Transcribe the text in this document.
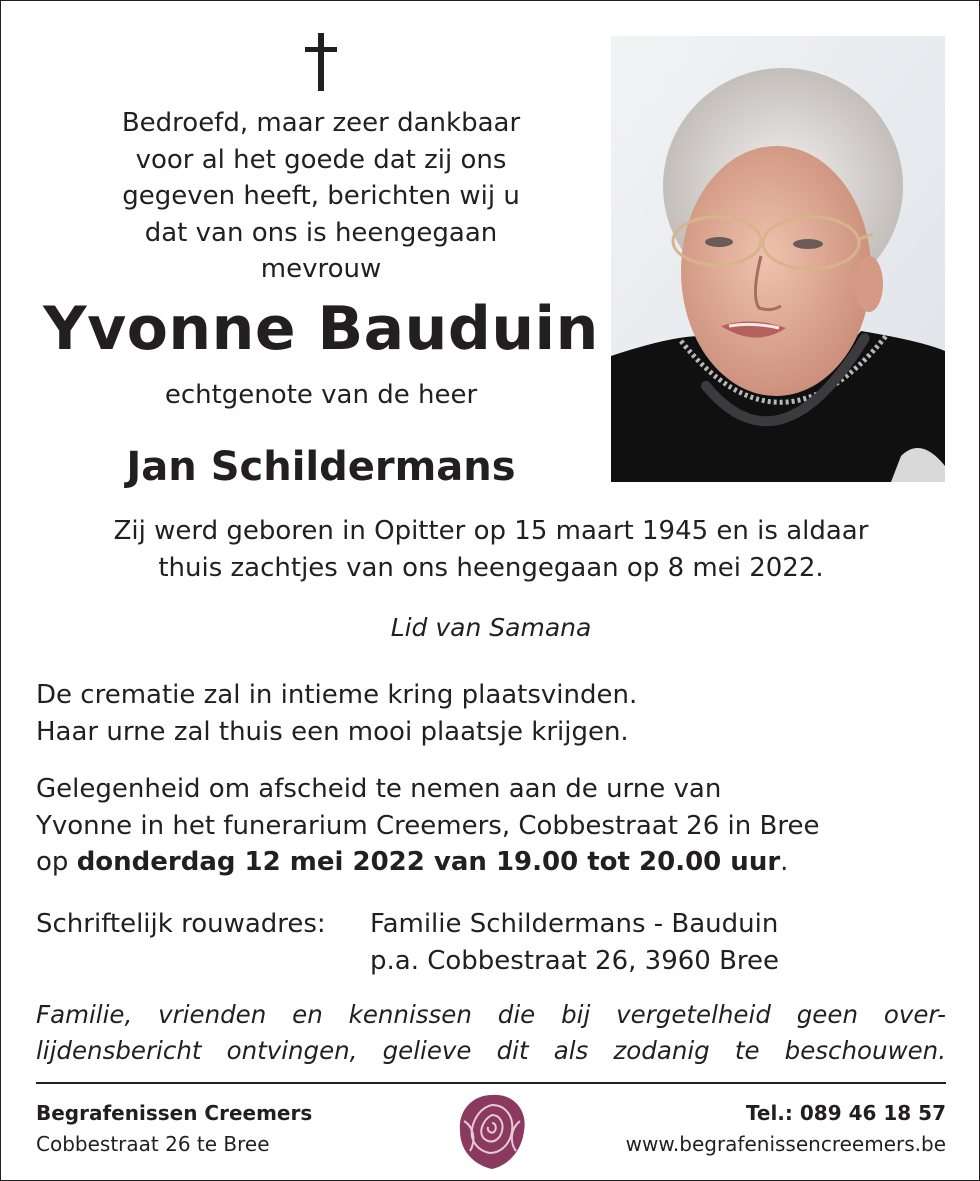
Bedroefd, maar zeer dankbaar
voor al het goede dat zij ons
gegeven heeft, berichten wij u
dat van ons is heengegaan
mevrouw
Yvonne Bauduin
echtgenote van de heer
Jan Schildermans
Zij werd geboren in Opitter op 15 maart 1945 en is aldaar
thuis zachtjes van ons heengegaan op 8 mei 2022.
Lid van Samana
De crematie zal in intieme kring plaatsvinden.
Haar urne zal thuis een mooi plaatsje krijgen.
Gelegenheid om afscheid te nemen aan de urne van
Yvonne in het funerarium Creemers, Cobbestraat 26 in Bree
op donderdag 12 mei 2022 van 19.00 tot 20.00 uur.
Schriftelijk rouwadres: Familie Schildermans - Bauduin
p.a. Cobbestraat 26, 3960 Bree
Familie, vrienden en kennissen die bij vergetelheid geen over-
lijdensbericht ontvingen, gelieve dit als zodanig te beschouwen.
Begrafenissen Creemers
Cobbestraat 26 te Bree
Tel.: 089 46 18 57
www.begrafenissencreemers.be
